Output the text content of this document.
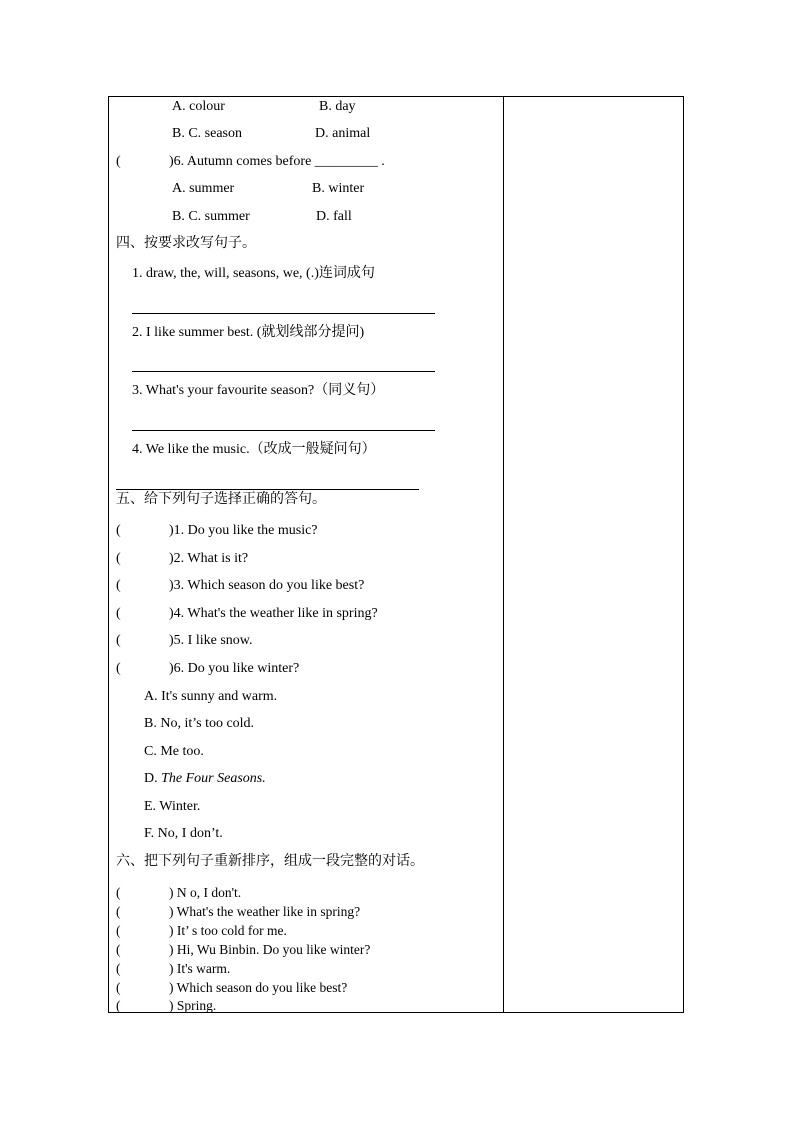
A. colour	B. day
B. C. season	D. animal
(	)6. Autumn comes before _________ .
A. summer	B. winter
B. C. summer	D. fall
四、按要求改写句子。
1. draw, the, will, seasons, we, (.)连词成句
2. I like summer best. (就划线部分提问)
3. What's your favourite season?（同义句）
4. We like the music.（改成一般疑问句）
五、给下列句子选择正确的答句。
(	)1. Do you like the music?
(	)2. What is it?
(	)3. Which season do you like best?
(	)4. What's the weather like in spring?
(	)5. I like snow.
(	)6. Do you like winter?
A. It's sunny and warm.
B. No, it’s too cold.
C. Me too.
D. The Four Seasons.
E. Winter.
F. No, I don’t.
六、把下列句子重新排序，组成一段完整的对话。
(	) N o, I don't.
(	) What's the weather like in spring?
(	) It’ s too cold for me.
(	) Hi, Wu Binbin. Do you like winter?
(	) It's warm.
(	) Which season do you like best?
(	) Spring.
